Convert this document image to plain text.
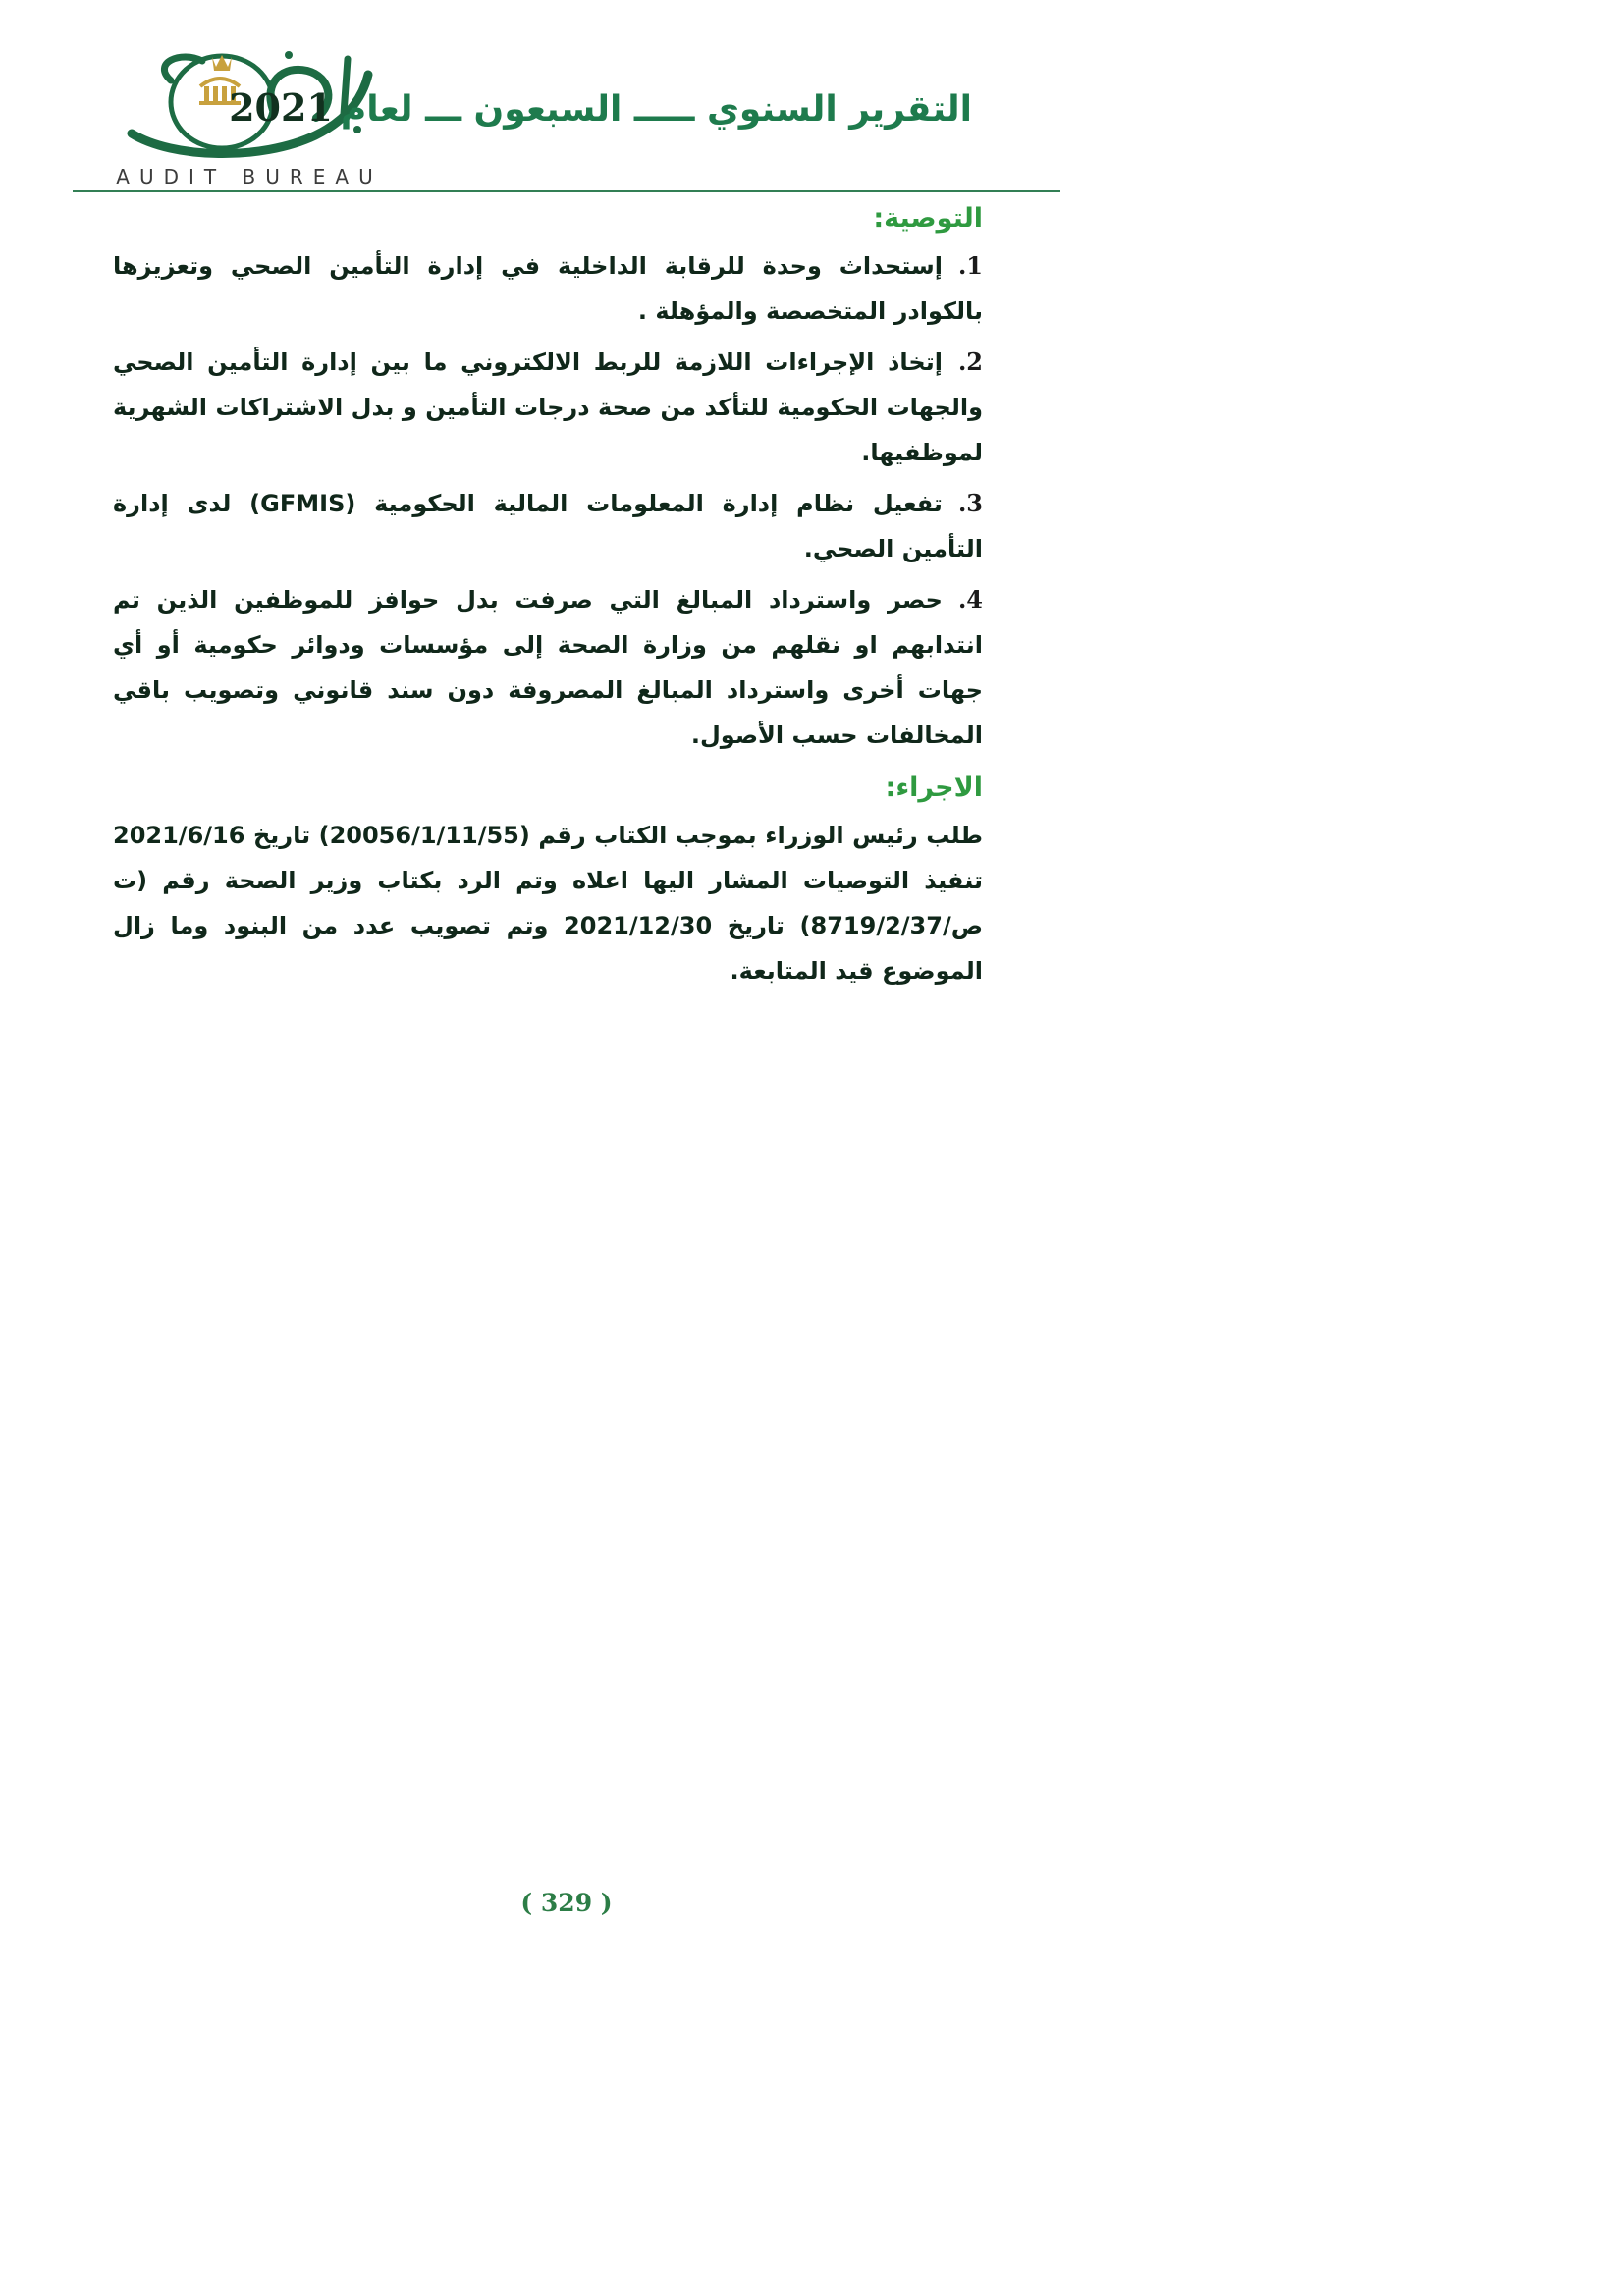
AUDIT BUREAU
التقرير السنوي ـــــ السبعون ـــ لعام2021
التوصية:
1.إستحداث وحدة للرقابة الداخلية في إدارة التأمين الصحي وتعزيزها بالكوادر المتخصصة والمؤهلة .
2.إتخاذ الإجراءات اللازمة للربط الالكتروني ما بين إدارة التأمين الصحي والجهات الحكومية للتأكد من صحة درجات التأمين و بدل الاشتراكات الشهرية لموظفيها.
3.تفعيل نظام إدارة المعلومات المالية الحكومية (GFMIS) لدى إدارة التأمين الصحي.
4.حصر واسترداد المبالغ التي صرفت بدل حوافز للموظفين الذين تم انتدابهم او نقلهم من وزارة الصحة إلى مؤسسات ودوائر حكومية أو أي جهات أخرى واسترداد المبالغ المصروفة دون سند قانوني وتصويب باقي المخالفات حسب الأصول.
الاجراء:

طلب رئيس الوزراء بموجب الكتاب رقم (20056/1/11/55) تاريخ 2021/6/16 تنفيذ التوصيات المشار اليها اعلاه وتم الرد بكتاب وزير الصحة رقم (ت ص/8719/2/37) تاريخ 2021/12/30 وتم تصويب عدد من البنود وما زال الموضوع قيد المتابعة.

( 329 )
